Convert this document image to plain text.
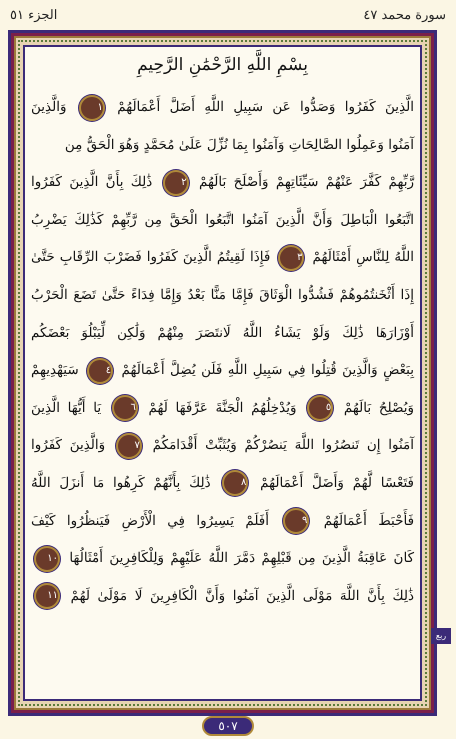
سورة محمد ٤٧
الجزء ٥١
بِسْمِ اللَّهِ الرَّحْمَٰنِ الرَّحِيمِ
الَّذِينَ كَفَرُوا وَصَدُّوا عَن سَبِيلِ اللَّهِ أَضَلَّ أَعْمَالَهُمْ ١ وَالَّذِينَ
آمَنُوا وَعَمِلُوا الصَّالِحَاتِ وَآمَنُوا بِمَا نُزِّلَ عَلَىٰ مُحَمَّدٍ وَهُوَ الْحَقُّ مِن
رَّبِّهِمْ كَفَّرَ عَنْهُمْ سَيِّئَاتِهِمْ وَأَصْلَحَ بَالَهُمْ ٢ ذَٰلِكَ بِأَنَّ الَّذِينَ كَفَرُوا
اتَّبَعُوا الْبَاطِلَ وَأَنَّ الَّذِينَ آمَنُوا اتَّبَعُوا الْحَقَّ مِن رَّبِّهِمْ كَذَٰلِكَ يَضْرِبُ
اللَّهُ لِلنَّاسِ أَمْثَالَهُمْ ٣ فَإِذَا لَقِيتُمُ الَّذِينَ كَفَرُوا فَضَرْبَ الرِّقَابِ حَتَّىٰ
إِذَا أَثْخَنتُمُوهُمْ فَشُدُّوا الْوَثَاقَ فَإِمَّا مَنًّا بَعْدُ وَإِمَّا فِدَاءً حَتَّىٰ تَضَعَ الْحَرْبُ
أَوْزَارَهَا ذَٰلِكَ وَلَوْ يَشَاءُ اللَّهُ لَانتَصَرَ مِنْهُمْ وَلَٰكِن لِّيَبْلُوَ بَعْضَكُم
بِبَعْضٍ وَالَّذِينَ قُتِلُوا فِي سَبِيلِ اللَّهِ فَلَن يُضِلَّ أَعْمَالَهُمْ ٤ سَيَهْدِيهِمْ
وَيُصْلِحُ بَالَهُمْ ٥ وَيُدْخِلُهُمُ الْجَنَّةَ عَرَّفَهَا لَهُمْ ٦ يَا أَيُّهَا الَّذِينَ
آمَنُوا إِن تَنصُرُوا اللَّهَ يَنصُرْكُمْ وَيُثَبِّتْ أَقْدَامَكُمْ ٧ وَالَّذِينَ كَفَرُوا
فَتَعْسًا لَّهُمْ وَأَضَلَّ أَعْمَالَهُمْ ٨ ذَٰلِكَ بِأَنَّهُمْ كَرِهُوا مَا أَنزَلَ اللَّهُ
فَأَحْبَطَ أَعْمَالَهُمْ ٩ أَفَلَمْ يَسِيرُوا فِي الْأَرْضِ فَيَنظُرُوا كَيْفَ
كَانَ عَاقِبَةُ الَّذِينَ مِن قَبْلِهِمْ دَمَّرَ اللَّهُ عَلَيْهِمْ وَلِلْكَافِرِينَ أَمْثَالُهَا ١٠
ذَٰلِكَ بِأَنَّ اللَّهَ مَوْلَى الَّذِينَ آمَنُوا وَأَنَّ الْكَافِرِينَ لَا مَوْلَىٰ لَهُمْ ١١
ربع
٥٠٧
